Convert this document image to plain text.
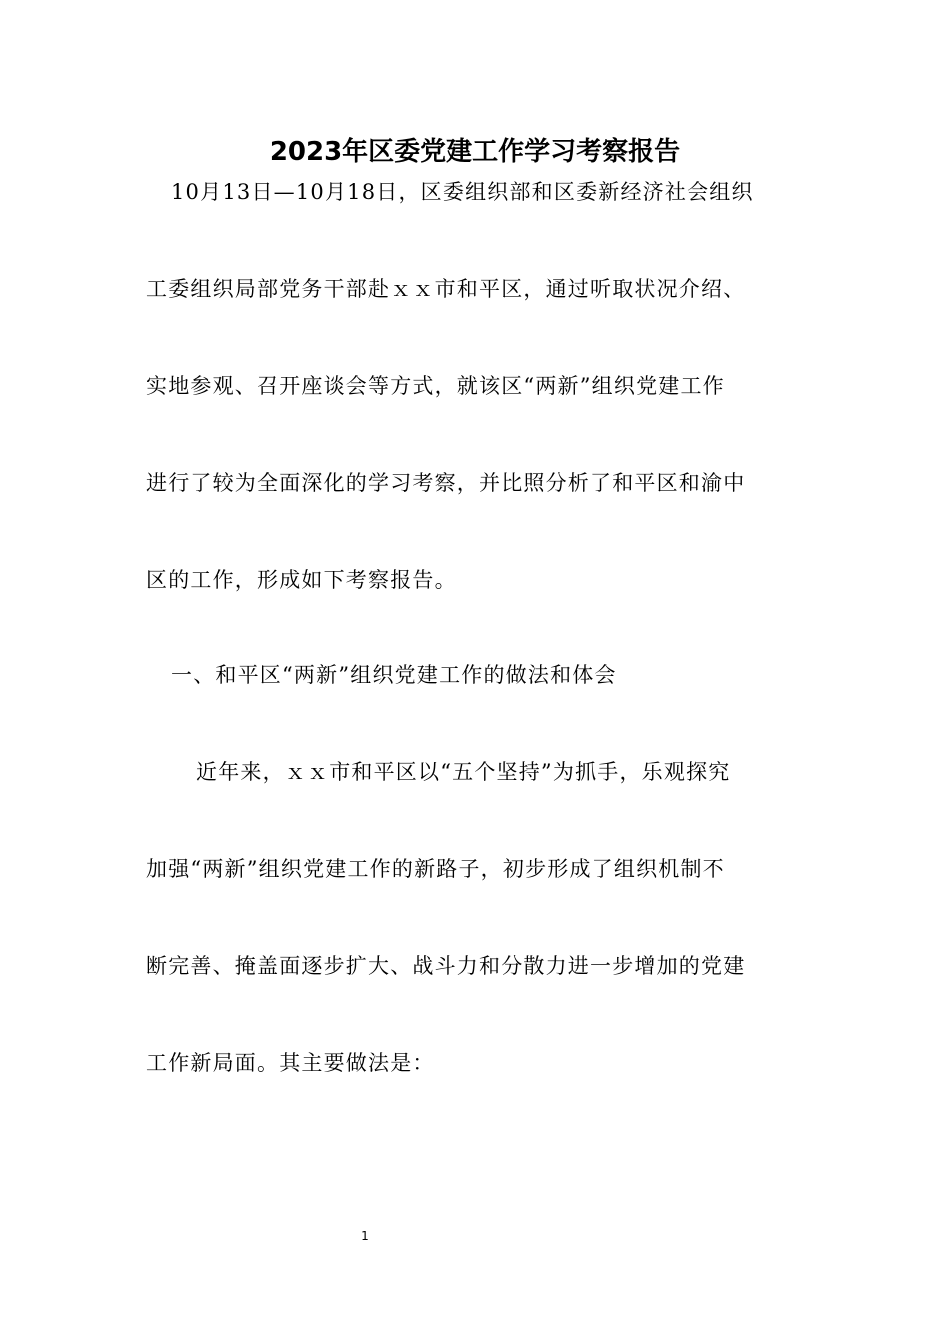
2023年区委党建工作学习考察报告

10月13日—10月18日，区委组织部和区委新经济社会组织

工委组织局部党务干部赴ｘｘ市和平区，通过听取状况介绍、

实地参观、召开座谈会等方式，就该区“两新”组织党建工作

进行了较为全面深化的学习考察，并比照分析了和平区和渝中

区的工作，形成如下考察报告。

一、和平区“两新”组织党建工作的做法和体会

近年来，ｘｘ市和平区以“五个坚持”为抓手，乐观探究

加强“两新”组织党建工作的新路子，初步形成了组织机制不

断完善、掩盖面逐步扩大、战斗力和分散力进一步增加的党建

工作新局面。其主要做法是：

1
